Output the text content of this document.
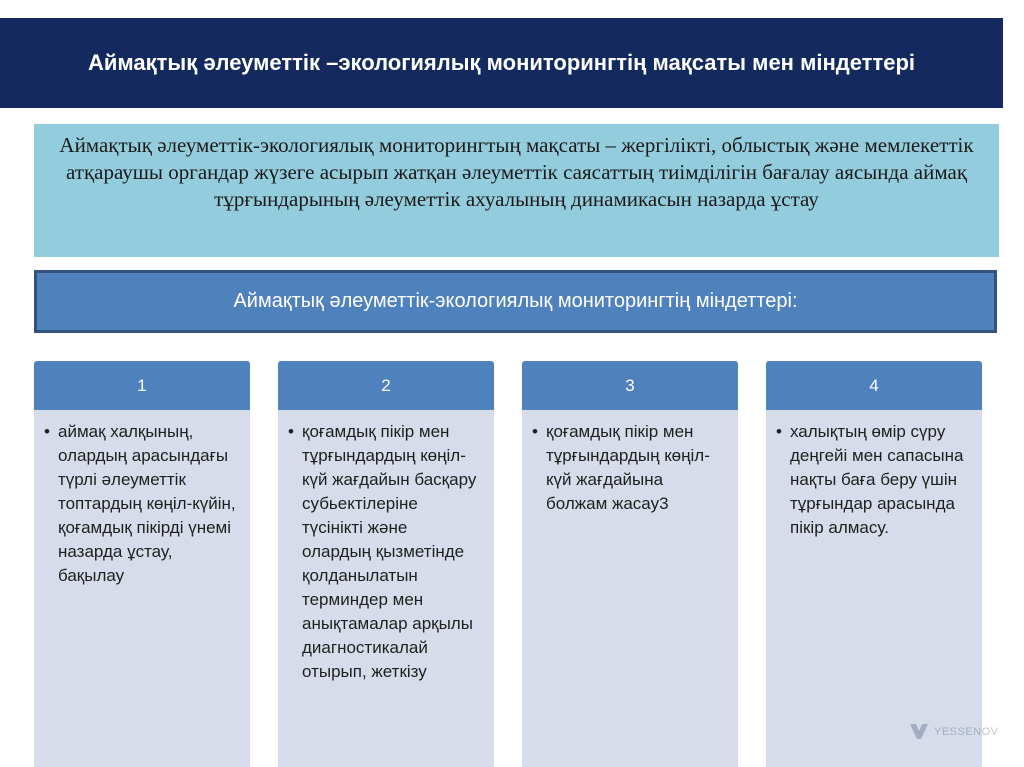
Аймақтық әлеуметтік –экологиялық мониторингтің мақсаты мен міндеттері
Аймақтық әлеуметтік-экологиялық мониторингтың мақсаты – жергілікті, облыстық және мемлекеттік атқараушы органдар жүзеге асырып жатқан әлеуметтік саясаттың тиімділігін бағалау аясында аймақ тұрғындарының әлеуметтік ахуалының динамикасын назарда ұстау
Аймақтық әлеуметтік-экологиялық мониторингтің міндеттері:
1
• аймақ халқының, олардың арасындағы түрлі әлеуметтік топтардың көңіл-күйін, қоғамдық пікірді үнемі назарда ұстау, бақылау
2
• қоғамдық пікір мен тұрғындардың көңіл-күй жағдайын басқару субьектілеріне түсінікті және олардың қызметінде қолданылатын терминдер мен анықтамалар арқылы диагностикалай отырып, жеткізу
3
• қоғамдық пікір мен тұрғындардың көңіл-күй жағдайына болжам жасау3
4
• халықтың өмір сүру деңгейі мен сапасына нақты баға беру үшін тұрғындар арасында пікір алмасу.
YESSENOV
